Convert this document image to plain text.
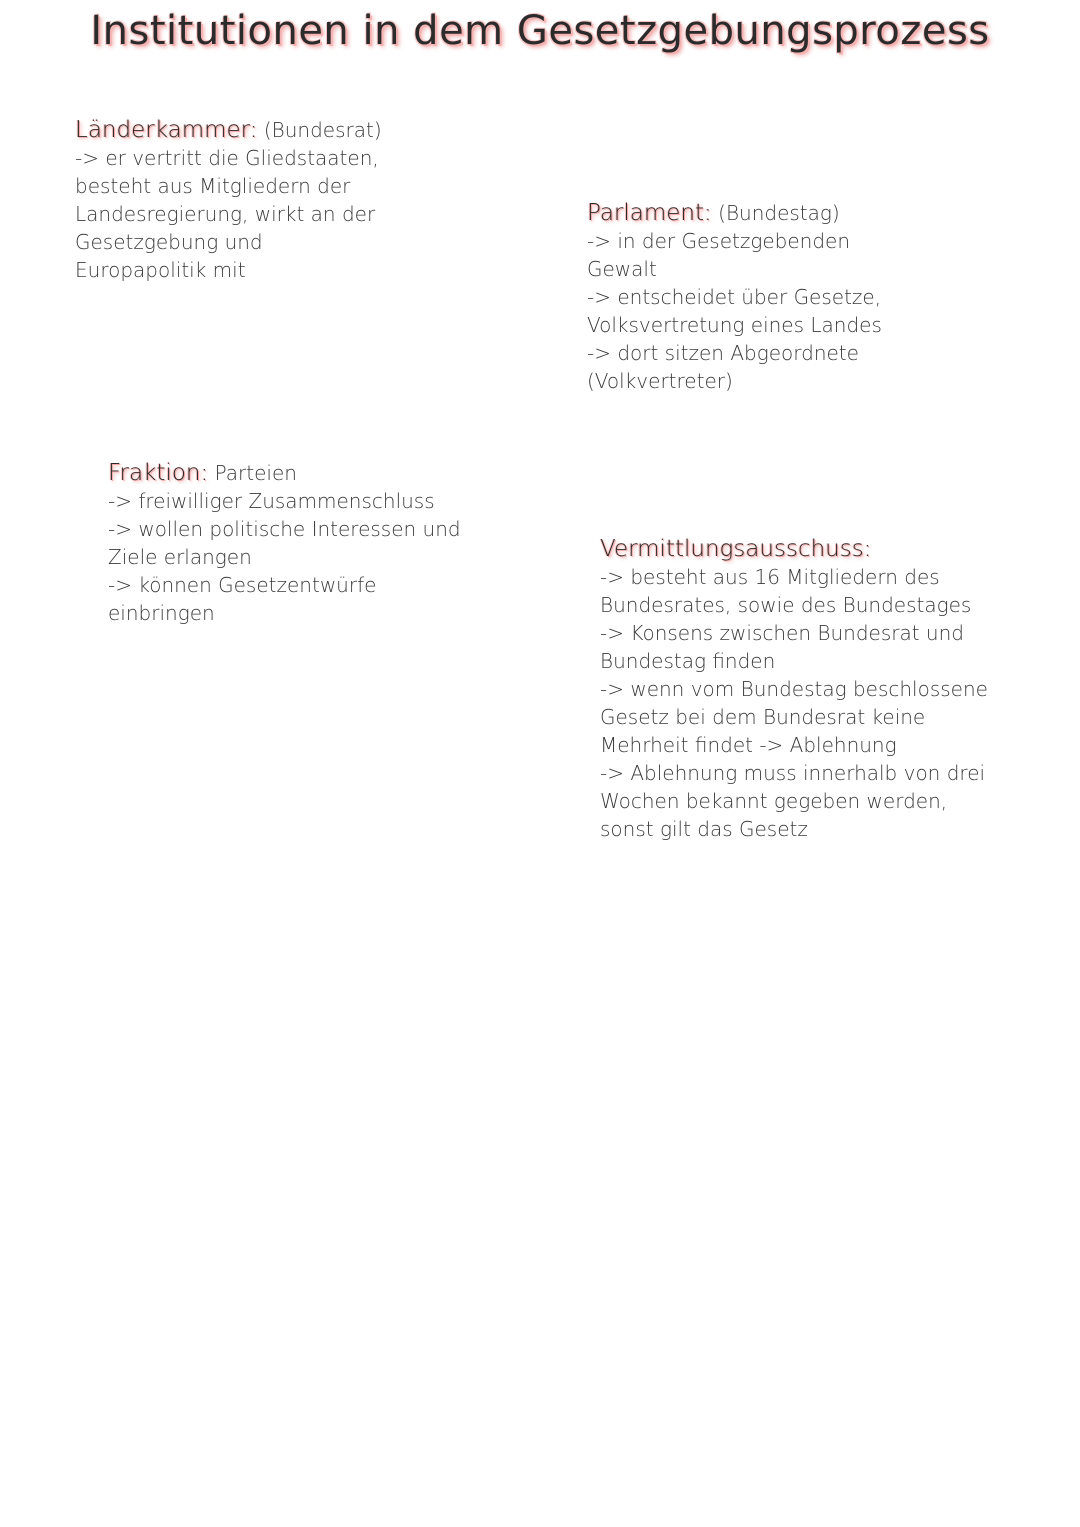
Institutionen in dem Gesetzgebungsprozess
Länderkammer: (Bundesrat)
-> er vertritt die Gliedstaaten,
besteht aus Mitgliedern der
Landesregierung, wirkt an der
Gesetzgebung und
Europapolitik mit
Parlament: (Bundestag)
-> in der Gesetzgebenden
Gewalt
-> entscheidet über Gesetze,
Volksvertretung eines Landes
-> dort sitzen Abgeordnete
(Volkvertreter)
Fraktion: Parteien
-> freiwilliger Zusammenschluss
-> wollen politische Interessen und
Ziele erlangen
-> können Gesetzentwürfe
einbringen
Vermittlungsausschuss:
-> besteht aus 16 Mitgliedern des
Bundesrates, sowie des Bundestages
-> Konsens zwischen Bundesrat und
Bundestag finden
-> wenn vom Bundestag beschlossene
Gesetz bei dem Bundesrat keine
Mehrheit findet -> Ablehnung
-> Ablehnung muss innerhalb von drei
Wochen bekannt gegeben werden,
sonst gilt das Gesetz
